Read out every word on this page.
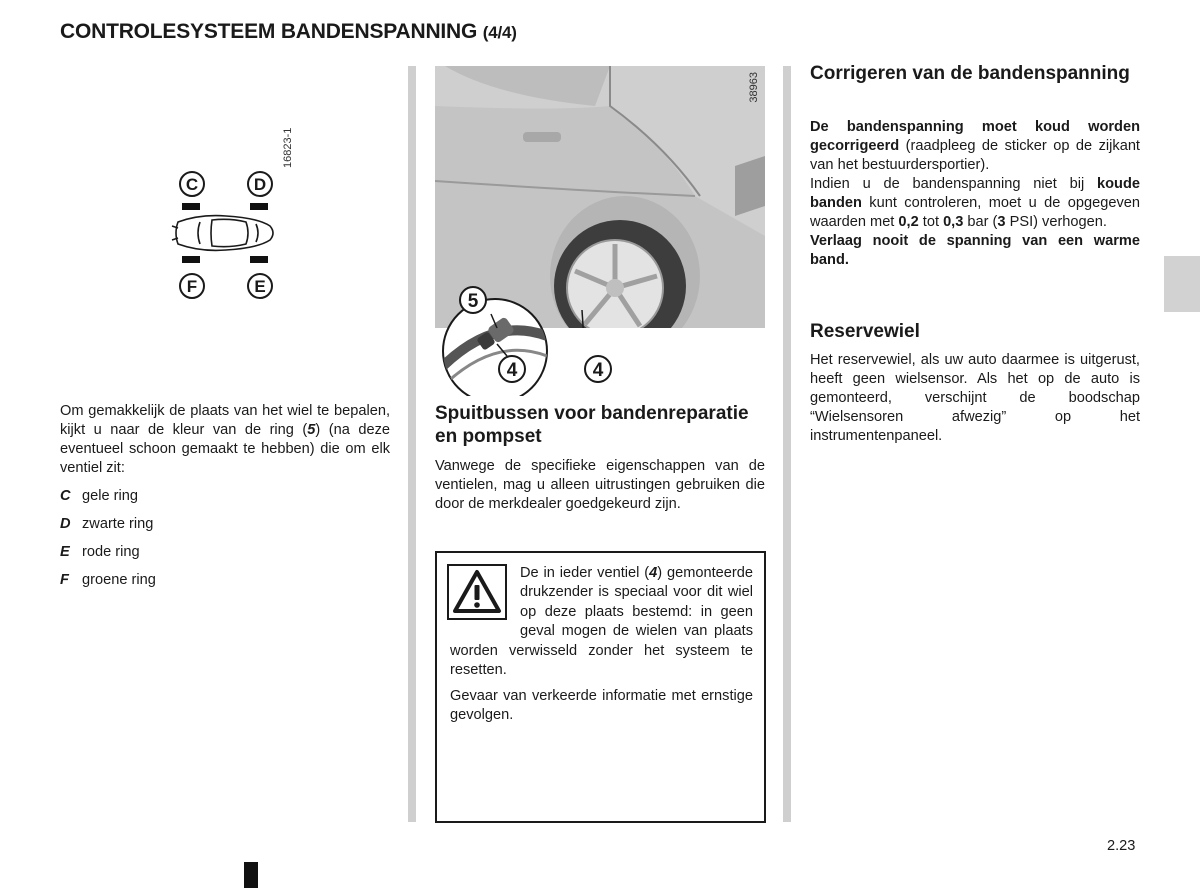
CONTROLESYSTEEM BANDENSPANNING (4/4)
16823-1
C	D
F	E
Om gemakkelijk de plaats van het wiel te bepalen, kijkt u naar de kleur van de ring (5) (na deze eventueel schoon gemaakt te hebben) die om elk ventiel zit:
C gele ring
D zwarte ring
E rode ring
F groene ring
38963
5
4	4
Spuitbussen voor bandenreparatie en pompset
Vanwege de specifieke eigenschappen van de ventielen, mag u alleen uitrustingen gebruiken die door de merkdealer goedgekeurd zijn.
De in ieder ventiel (4) gemonteerde drukzender is speciaal voor dit wiel op deze plaats bestemd: in geen geval mogen de wielen van plaats worden verwisseld zonder het systeem te resetten.
Gevaar van verkeerde informatie met ernstige gevolgen.
Corrigeren van de bandenspanning
De bandenspanning moet koud worden gecorrigeerd (raadpleeg de sticker op de zijkant van het bestuurdersportier).
Indien u de bandenspanning niet bij koude banden kunt controleren, moet u de opgegeven waarden met 0,2 tot 0,3 bar (3 PSI) verhogen.
Verlaag nooit de spanning van een warme band.
Reservewiel
Het reservewiel, als uw auto daarmee is uitgerust, heeft geen wielsensor. Als het op de auto is gemonteerd, verschijnt de boodschap “Wielsensoren afwezig” op het instrumentenpaneel.
2.23
